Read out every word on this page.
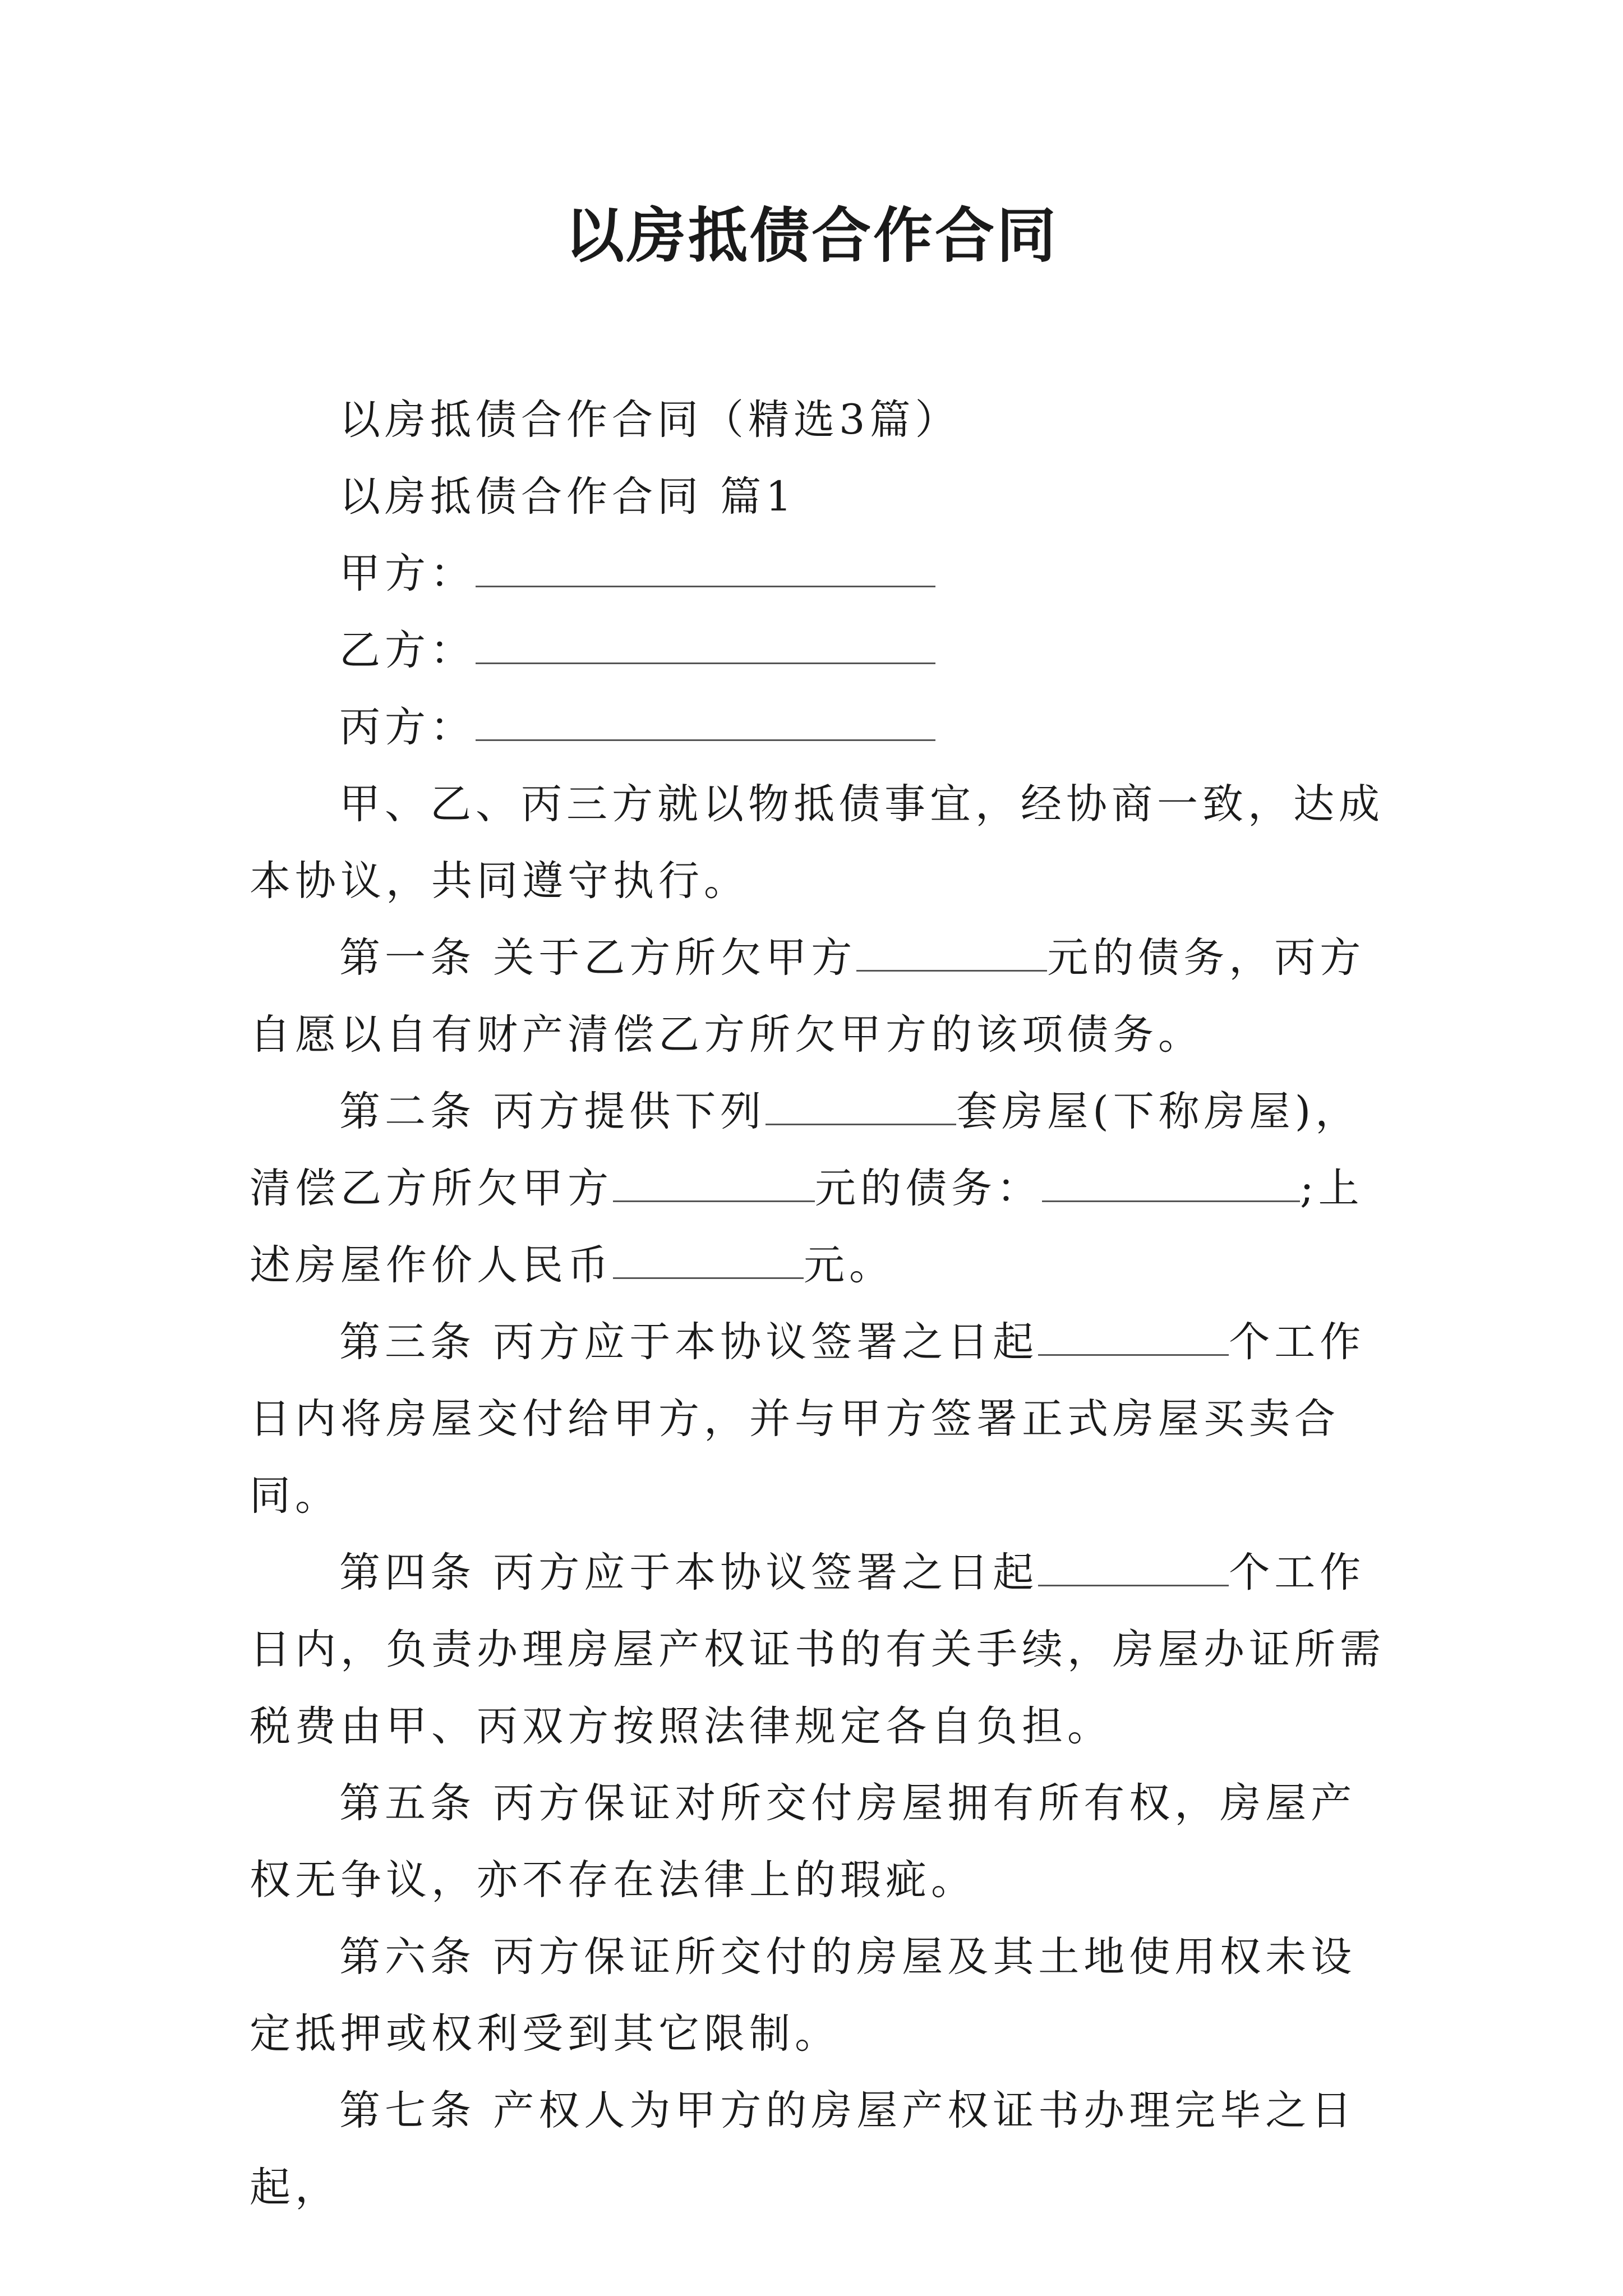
以房抵债合作合同

以房抵债合作合同（精选3篇）

以房抵债合作合同 篇1

甲方：

乙方：

丙方：

甲、乙、丙三方就以物抵债事宜，经协商一致，达成本协议，共同遵守执行。

第一条 关于乙方所欠甲方	元的债务，丙方自愿以自有财产清偿乙方所欠甲方的该项债务。

第二条 丙方提供下列	套房屋(下称房屋)，清偿乙方所欠甲方	元的债务：	;上述房屋作价人民币	元。

第三条 丙方应于本协议签署之日起	个工作日内将房屋交付给甲方，并与甲方签署正式房屋买卖合同。

第四条 丙方应于本协议签署之日起	个工作日内，负责办理房屋产权证书的有关手续，房屋办证所需税费由甲、丙双方按照法律规定各自负担。

第五条 丙方保证对所交付房屋拥有所有权，房屋产权无争议，亦不存在法律上的瑕疵。

第六条 丙方保证所交付的房屋及其土地使用权未设定抵押或权利受到其它限制。

第七条 产权人为甲方的房屋产权证书办理完毕之日起，
